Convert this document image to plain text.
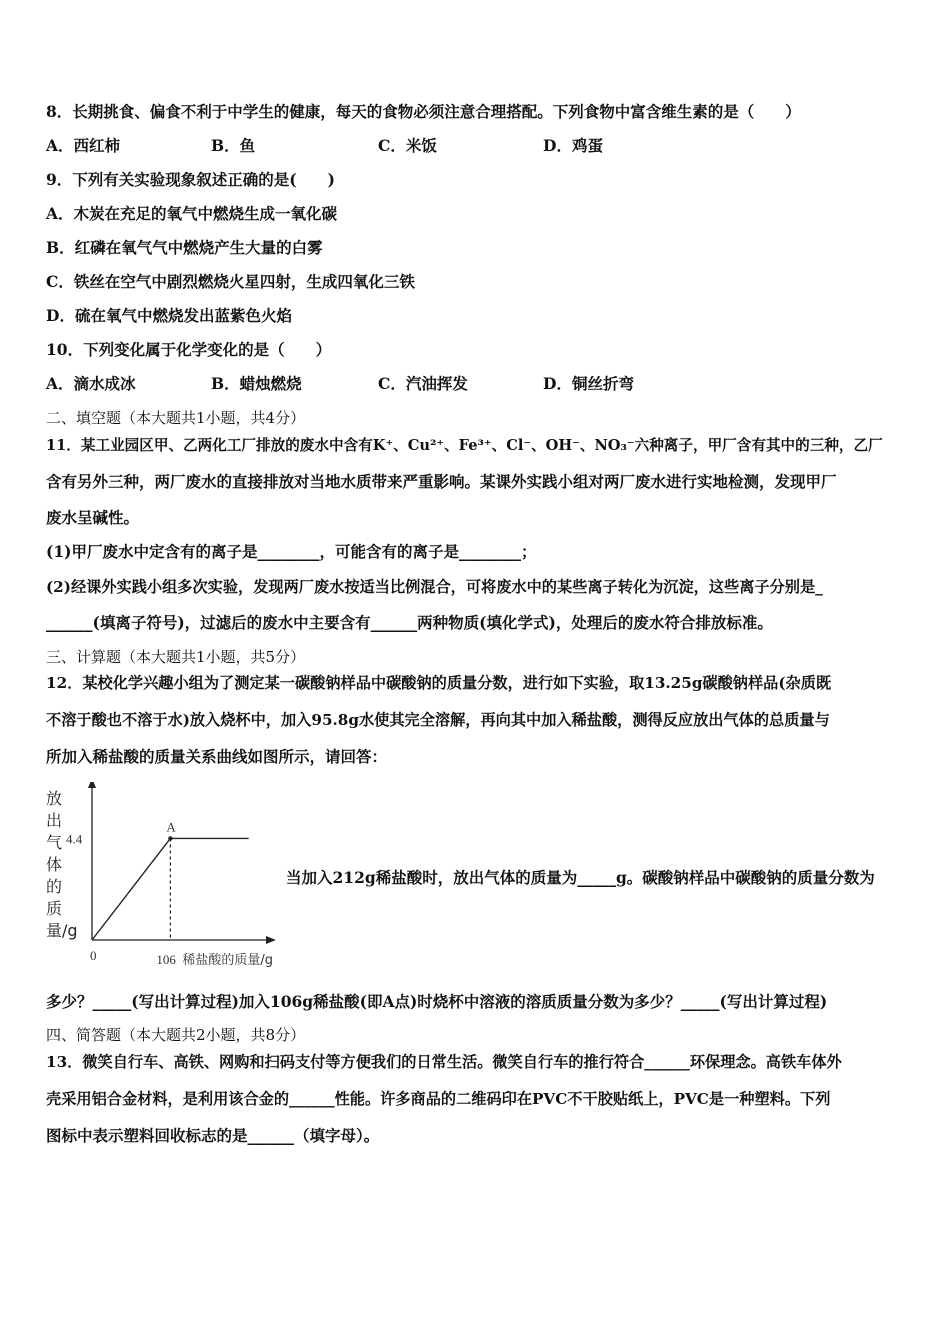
8．长期挑食、偏食不利于中学生的健康，每天的食物必须注意合理搭配。下列食物中富含维生素的是（　　）
A．西红柿	B．鱼	C．米饭	D．鸡蛋
9．下列有关实验现象叙述正确的是(　　)
A．木炭在充足的氧气中燃烧生成一氧化碳
B．红磷在氧气气中燃烧产生大量的白雾
C．铁丝在空气中剧烈燃烧火星四射，生成四氧化三铁
D．硫在氧气中燃烧发出蓝紫色火焰
10．下列变化属于化学变化的是（　　）
A．滴水成冰	B．蜡烛燃烧	C．汽油挥发	D．铜丝折弯
二、填空题（本大题共1小题，共4分）
11．某工业园区甲、乙两化工厂排放的废水中含有K⁺、Cu²⁺、Fe³⁺、Cl⁻、OH⁻、NO₃⁻六种离子，甲厂含有其中的三种，乙厂
含有另外三种，两厂废水的直接排放对当地水质带来严重影响。某课外实践小组对两厂废水进行实地检测，发现甲厂
废水呈碱性。
(1)甲厂废水中定含有的离子是________，可能含有的离子是________；
(2)经课外实践小组多次实验，发现两厂废水按适当比例混合，可将废水中的某些离子转化为沉淀，这些离子分别是_
______(填离子符号)，过滤后的废水中主要含有______两种物质(填化学式)，处理后的废水符合排放标准。
三、计算题（本大题共1小题，共5分）
12．某校化学兴趣小组为了测定某一碳酸钠样品中碳酸钠的质量分数，进行如下实验，取13.25g碳酸钠样品(杂质既
不溶于酸也不溶于水)放入烧杯中，加入95.8g水使其完全溶解，再向其中加入稀盐酸，测得反应放出气体的总质量与
所加入稀盐酸的质量关系曲线如图所示，请回答：
放出气体的质量/g
A
4.4
0	106 稀盐酸的质量/g
当加入212g稀盐酸时，放出气体的质量为_____g。碳酸钠样品中碳酸钠的质量分数为
多少？_____(写出计算过程)加入106g稀盐酸(即A点)时烧杯中溶液的溶质质量分数为多少？_____(写出计算过程)
四、简答题（本大题共2小题，共8分）
13．微笑自行车、高铁、网购和扫码支付等方便我们的日常生活。微笑自行车的推行符合______环保理念。高铁车体外
壳采用铝合金材料，是利用该合金的______性能。许多商品的二维码印在PVC不干胶贴纸上，PVC是一种塑料。下列
图标中表示塑料回收标志的是______（填字母）。
